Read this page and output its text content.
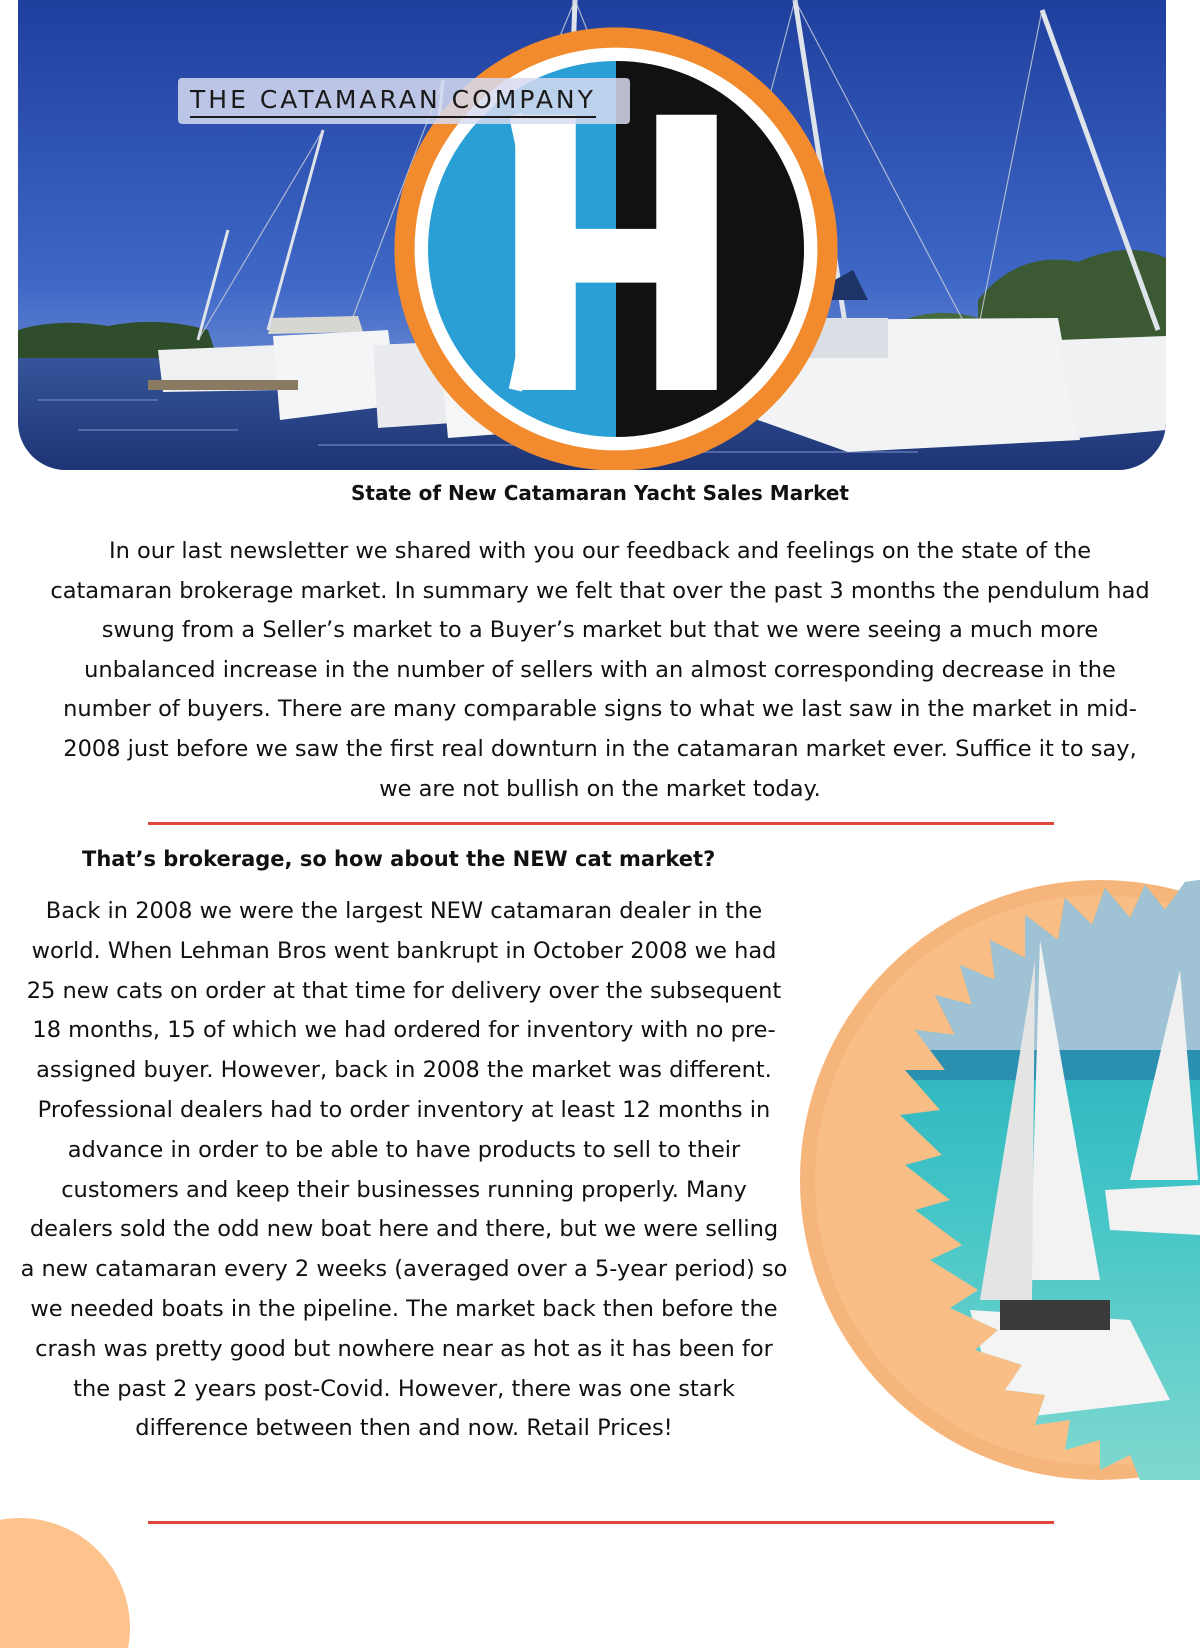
THE CATAMARAN COMPANY
State of New Catamaran Yacht Sales Market

In our last newsletter we shared with you our feedback and feelings on the state of the catamaran brokerage market. In summary we felt that over the past 3 months the pendulum had swung from a Seller’s market to a Buyer’s market but that we were seeing a much more unbalanced increase in the number of sellers with an almost corresponding decrease in the number of buyers. There are many comparable signs to what we last saw in the market in mid-2008 just before we saw the first real downturn in the catamaran market ever. Suffice it to say, we are not bullish on the market today.

That’s brokerage, so how about the NEW cat market?

Back in 2008 we were the largest NEW catamaran dealer in the world. When Lehman Bros went bankrupt in October 2008 we had 25 new cats on order at that time for delivery over the subsequent 18 months, 15 of which we had ordered for inventory with no pre-assigned buyer. However, back in 2008 the market was different. Professional dealers had to order inventory at least 12 months in advance in order to be able to have products to sell to their customers and keep their businesses running properly. Many dealers sold the odd new boat here and there, but we were selling a new catamaran every 2 weeks (averaged over a 5-year period) so we needed boats in the pipeline. The market back then before the crash was pretty good but nowhere near as hot as it has been for the past 2 years post-Covid. However, there was one stark difference between then and now. Retail Prices!
